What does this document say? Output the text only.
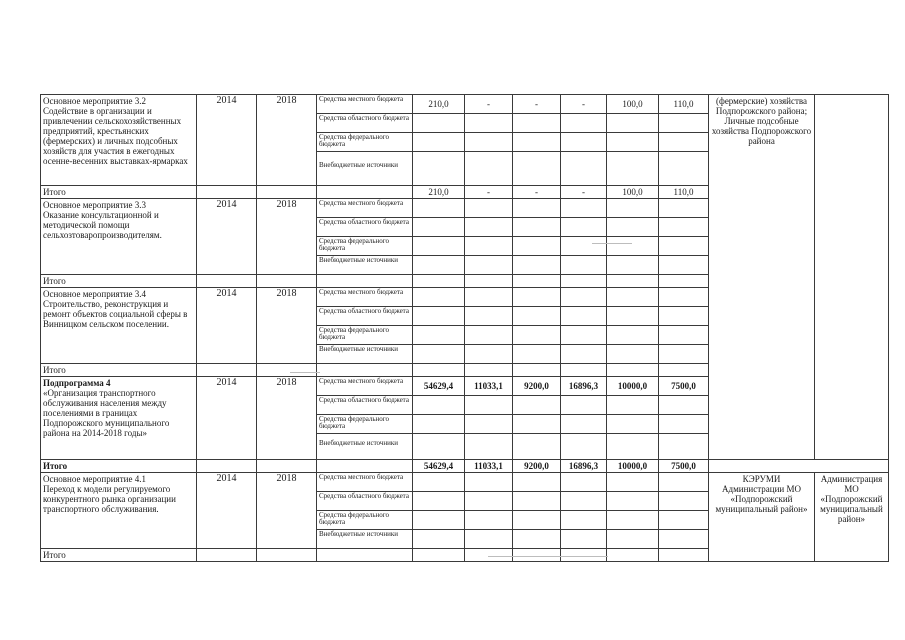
Основное мероприятие 3.2
Содействие в организации и привлечении сельскохозяйственных предприятий, крестьянских (фермерских) и личных подсобных хозяйств для участия в ежегодных осенне-весенних выставках-ярмарках	2014	2018	Средства местного бюджета	210,0	-	-	-	100,0	110,0	(фермерские) хозяйства Подпорожского района; Личные подсобные хозяйства Подпорожского района		
			Средства областного бюджета									
			Средства федерального бюджета									
			Внебюджетные источники									
Итого				210,0	-	-	-	100,0	110,0			
Основное мероприятие 3.3
Оказание консультационной и методической помощи сельхозтоваропроизводителям.	2014	2018	Средства местного бюджета									
			Средства областного бюджета									
			Средства федерального бюджета									
			Внебюджетные источники									
Итого												
Основное мероприятие 3.4
Строительство, реконструкция и ремонт объектов социальной сферы в Винницком сельском поселении.	2014	2018	Средства местного бюджета									
			Средства областного бюджета									
			Средства федерального бюджета									
			Внебюджетные источники									
Итого												
Подпрограмма 4
«Организация транспортного обслуживания населения между поселениями в границах Подпорожского муниципального района на 2014-2018 годы»	2014	2018	Средства местного бюджета	54629,4	11033,1	9200,0	16896,3	10000,0	7500,0		
			Средства областного бюджета									
			Средства федерального бюджета									
			Внебюджетные источники									
Итого				54629,4	11033,1	9200,0	16896,3	10000,0	7500,0			
Основное мероприятие 4.1
Переход к модели регулируемого конкурентного рынка организации транспортного обслуживания.	2014	2018	Средства местного бюджета							КЭРУМИ Администрации МО «Подпорожский муниципальный район»	Администрация МО «Подпорожский муниципальный район»	
			Средства областного бюджета									
			Средства федерального бюджета									
			Внебюджетные источники									
Итого												
